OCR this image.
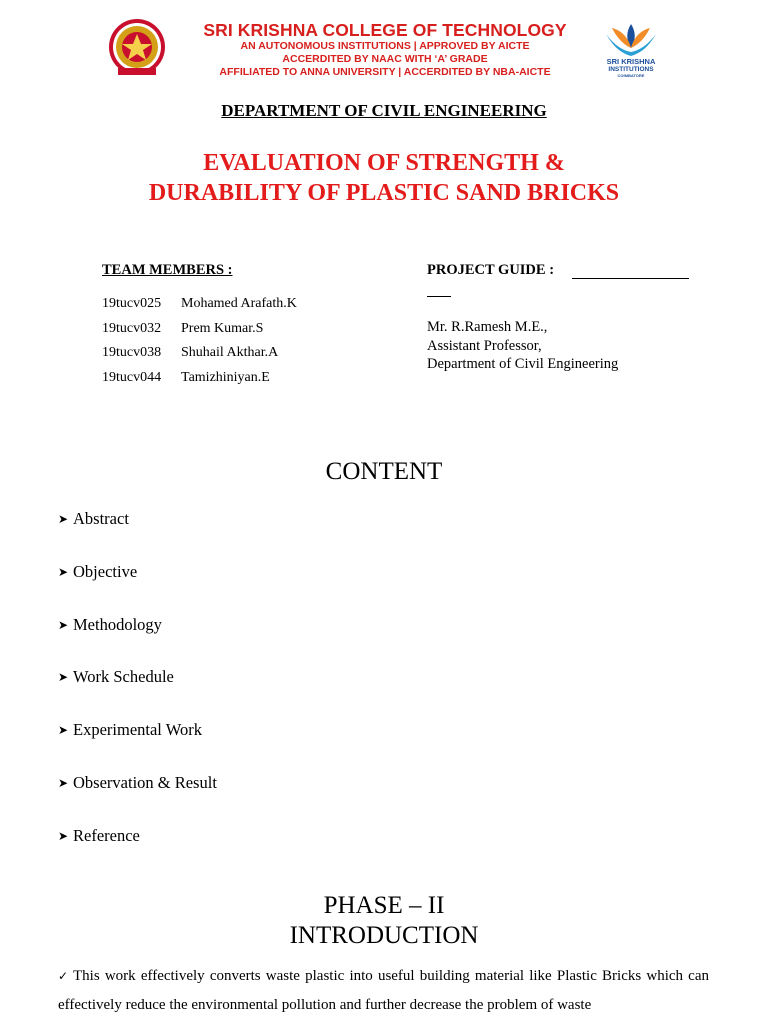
SRI KRISHNA COLLEGE OF TECHNOLOGY
AN AUTONOMOUS INSTITUTIONS | APPROVED BY AICTE
ACCERDITED BY NAAC WITH ‘A’ GRADE
AFFILIATED TO ANNA UNIVERSITY | ACCERDITED BY NBA-AICTE
SRI KRISHNA
INSTITUTIONS
COIMBATORE
DEPARTMENT OF CIVIL ENGINEERING
EVALUATION OF STRENGTH &
DURABILITY OF PLASTIC SAND BRICKS
TEAM MEMBERS :
19tucv025 Mohamed Arafath.K
19tucv032 Prem Kumar.S
19tucv038 Shuhail Akthar.A
19tucv044 Tamizhiniyan.E
PROJECT GUIDE :
Mr. R.Ramesh M.E.,
Assistant Professor,
Department of Civil Engineering
CONTENT
➤ Abstract
➤ Objective
➤ Methodology
➤ Work Schedule
➤ Experimental Work
➤ Observation & Result
➤ Reference
PHASE – II
INTRODUCTION
✓ This work effectively converts waste plastic into useful building material like Plastic Bricks which can effectively reduce the environmental pollution and further decrease the problem of waste
